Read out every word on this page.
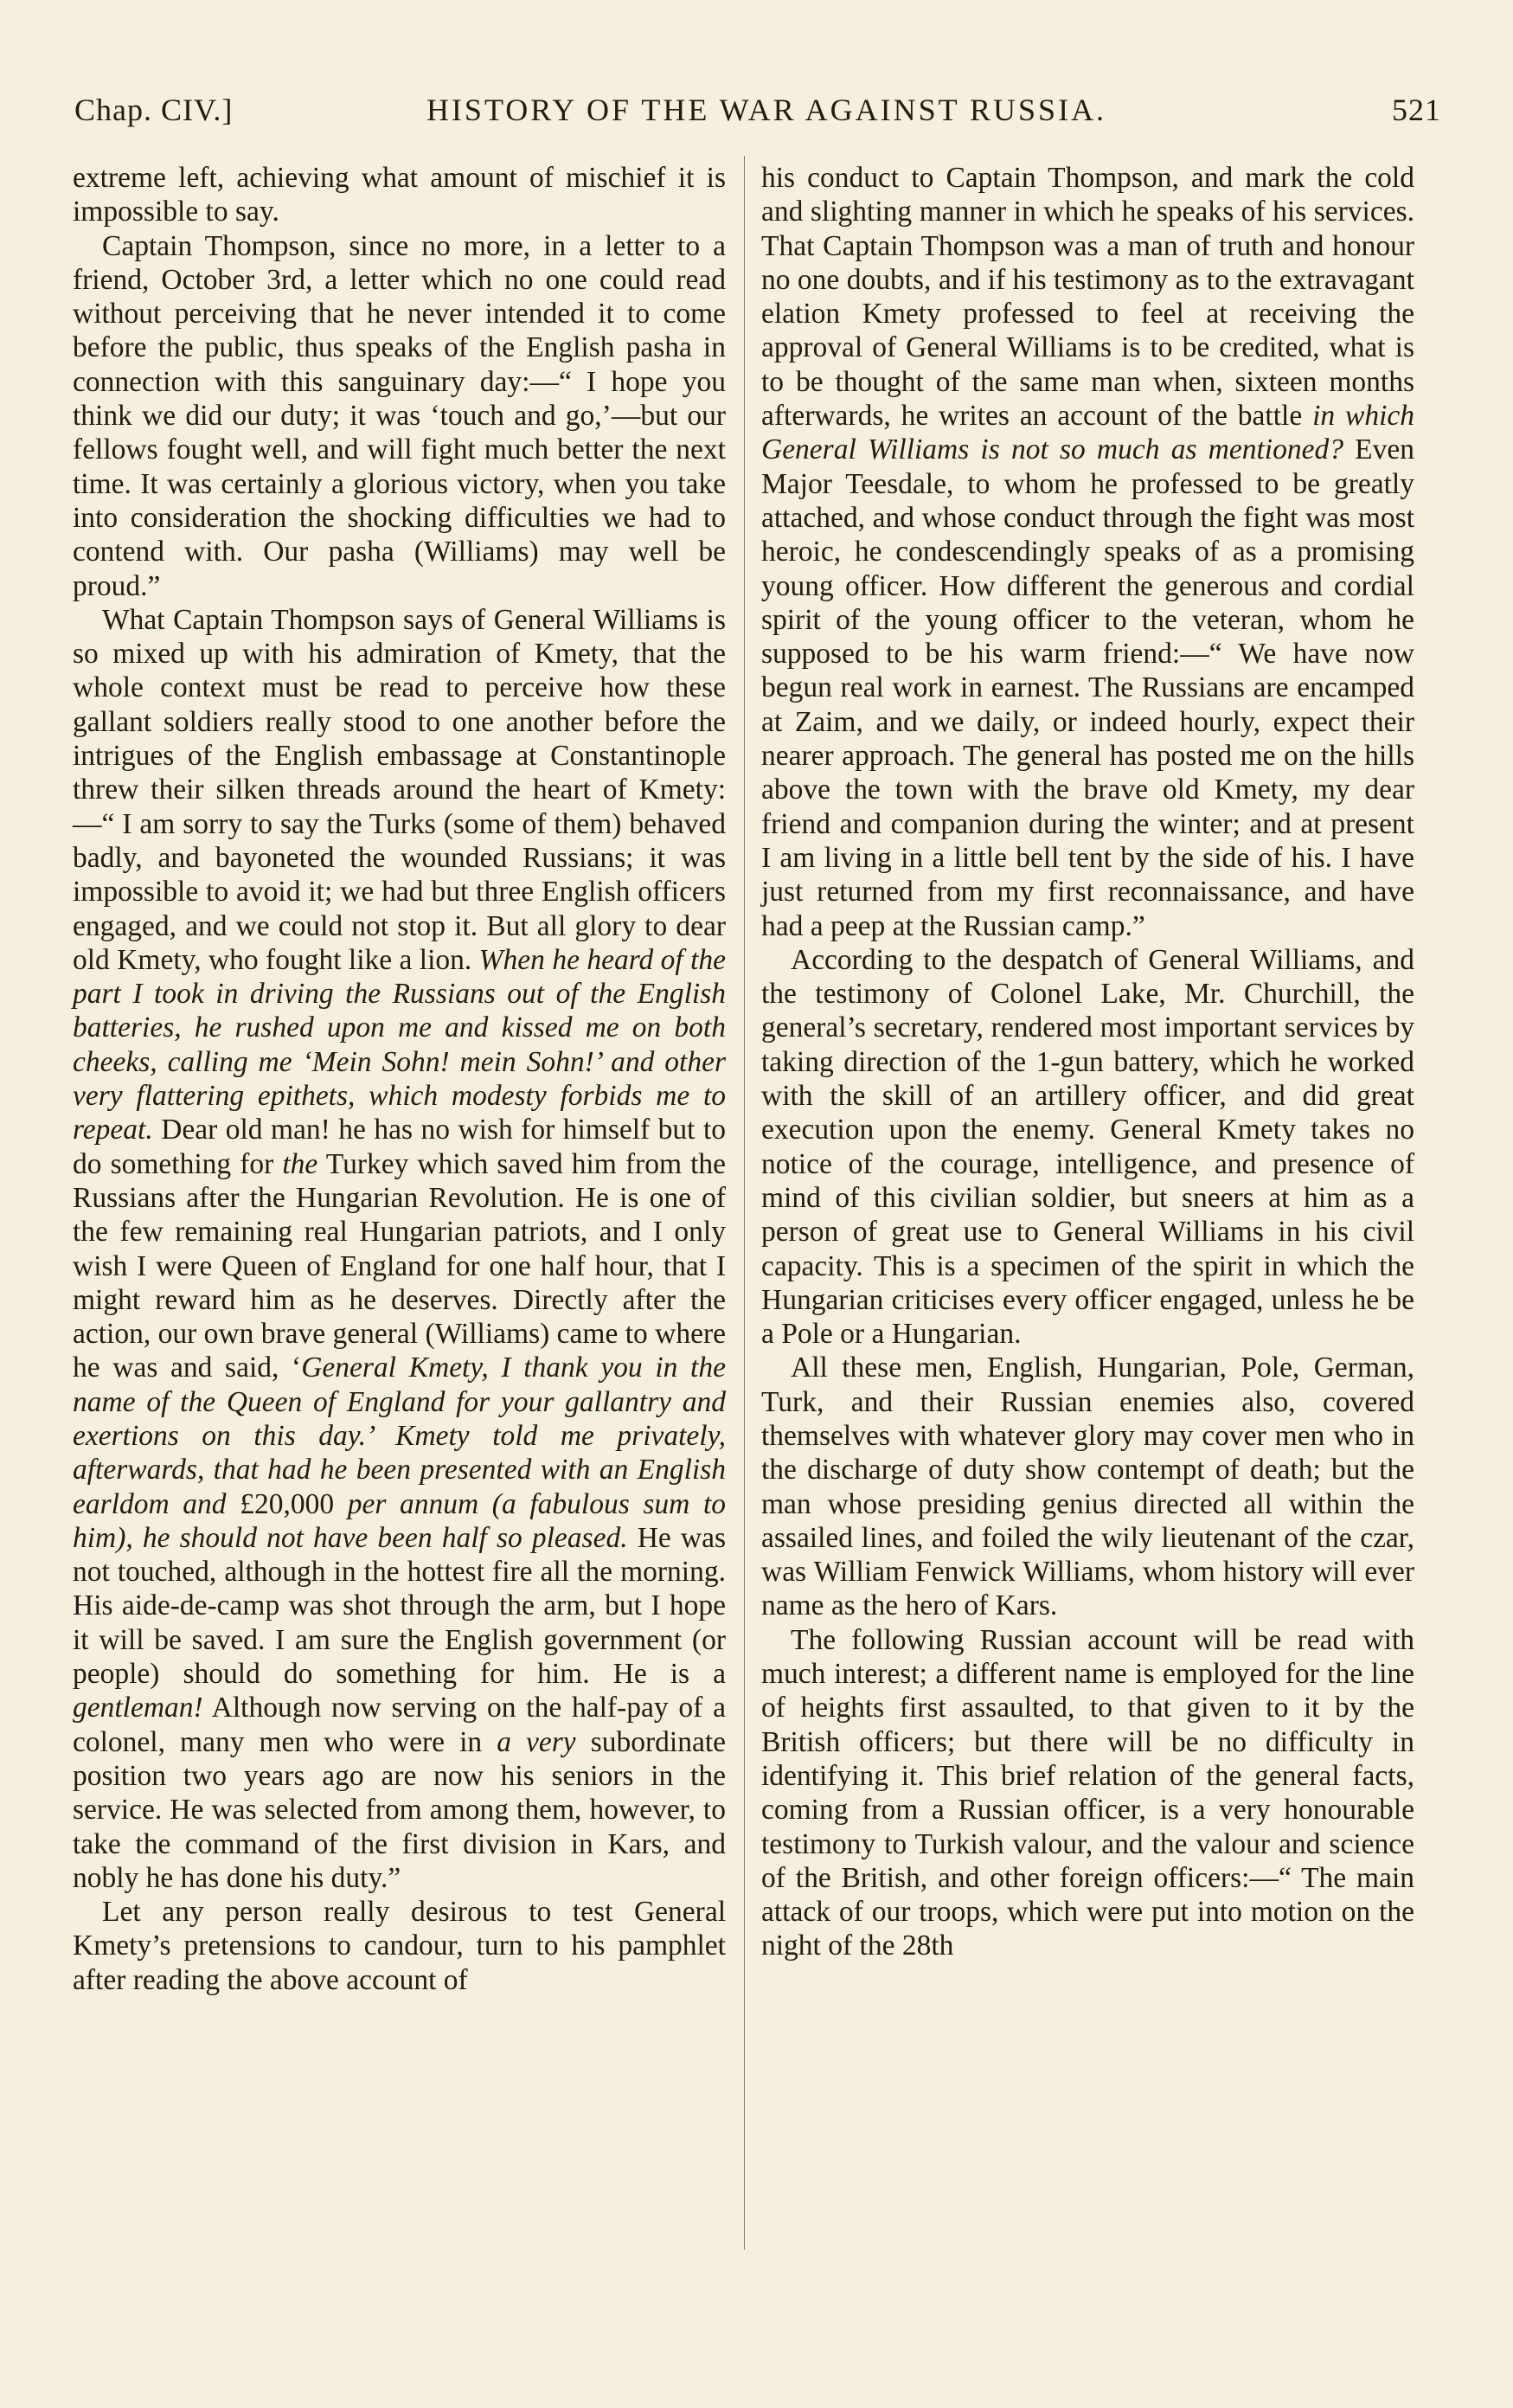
Chap. CIV.]	HISTORY OF THE WAR AGAINST RUSSIA.	521

extreme left, achieving what amount of mischief it is impossible to say.

Captain Thompson, since no more, in a letter to a friend, October 3rd, a letter which no one could read without perceiving that he never intended it to come before the public, thus speaks of the English pasha in connection with this sanguinary day:—“ I hope you think we did our duty; it was ‘touch and go,’—but our fellows fought well, and will fight much better the next time. It was certainly a glorious victory, when you take into consideration the shocking difficulties we had to contend with. Our pasha (Williams) may well be proud.”

What Captain Thompson says of General Williams is so mixed up with his admiration of Kmety, that the whole context must be read to perceive how these gallant soldiers really stood to one another before the intrigues of the English embassage at Constantinople threw their silken threads around the heart of Kmety: —“ I am sorry to say the Turks (some of them) behaved badly, and bayoneted the wounded Russians; it was impossible to avoid it; we had but three English officers engaged, and we could not stop it. But all glory to dear old Kmety, who fought like a lion. When he heard of the part I took in driving the Russians out of the English batteries, he rushed upon me and kissed me on both cheeks, calling me ‘Mein Sohn! mein Sohn!’ and other very flattering epithets, which modesty forbids me to repeat. Dear old man! he has no wish for himself but to do something for the Turkey which saved him from the Russians after the Hungarian Revolution. He is one of the few remaining real Hungarian patriots, and I only wish I were Queen of England for one half hour, that I might reward him as he deserves. Directly after the action, our own brave general (Williams) came to where he was and said, ‘General Kmety, I thank you in the name of the Queen of England for your gallantry and exertions on this day.’ Kmety told me privately, afterwards, that had he been presented with an English earldom and £20,000 per annum (a fabulous sum to him), he should not have been half so pleased. He was not touched, although in the hottest fire all the morning. His aide-de-camp was shot through the arm, but I hope it will be saved. I am sure the English government (or people) should do something for him. He is a gentleman! Although now serving on the half-pay of a colonel, many men who were in a very subordinate position two years ago are now his seniors in the service. He was selected from among them, however, to take the command of the first division in Kars, and nobly he has done his duty.”

Let any person really desirous to test General Kmety’s pretensions to candour, turn to his pamphlet after reading the above account of

his conduct to Captain Thompson, and mark the cold and slighting manner in which he speaks of his services. That Captain Thompson was a man of truth and honour no one doubts, and if his testimony as to the extravagant elation Kmety professed to feel at receiving the approval of General Williams is to be credited, what is to be thought of the same man when, sixteen months afterwards, he writes an account of the battle in which General Williams is not so much as mentioned? Even Major Teesdale, to whom he professed to be greatly attached, and whose conduct through the fight was most heroic, he condescendingly speaks of as a promising young officer. How different the generous and cordial spirit of the young officer to the veteran, whom he supposed to be his warm friend:—“ We have now begun real work in earnest. The Russians are encamped at Zaim, and we daily, or indeed hourly, expect their nearer approach. The general has posted me on the hills above the town with the brave old Kmety, my dear friend and companion during the winter; and at present I am living in a little bell tent by the side of his. I have just returned from my first reconnaissance, and have had a peep at the Russian camp.”

According to the despatch of General Williams, and the testimony of Colonel Lake, Mr. Churchill, the general’s secretary, rendered most important services by taking direction of the 1-gun battery, which he worked with the skill of an artillery officer, and did great execution upon the enemy. General Kmety takes no notice of the courage, intelligence, and presence of mind of this civilian soldier, but sneers at him as a person of great use to General Williams in his civil capacity. This is a specimen of the spirit in which the Hungarian criticises every officer engaged, unless he be a Pole or a Hungarian.

All these men, English, Hungarian, Pole, German, Turk, and their Russian enemies also, covered themselves with whatever glory may cover men who in the discharge of duty show contempt of death; but the man whose presiding genius directed all within the assailed lines, and foiled the wily lieutenant of the czar, was William Fenwick Williams, whom history will ever name as the hero of Kars.

The following Russian account will be read with much interest; a different name is employed for the line of heights first assaulted, to that given to it by the British officers; but there will be no difficulty in identifying it. This brief relation of the general facts, coming from a Russian officer, is a very honourable testimony to Turkish valour, and the valour and science of the British, and other foreign officers:—“ The main attack of our troops, which were put into motion on the night of the 28th
